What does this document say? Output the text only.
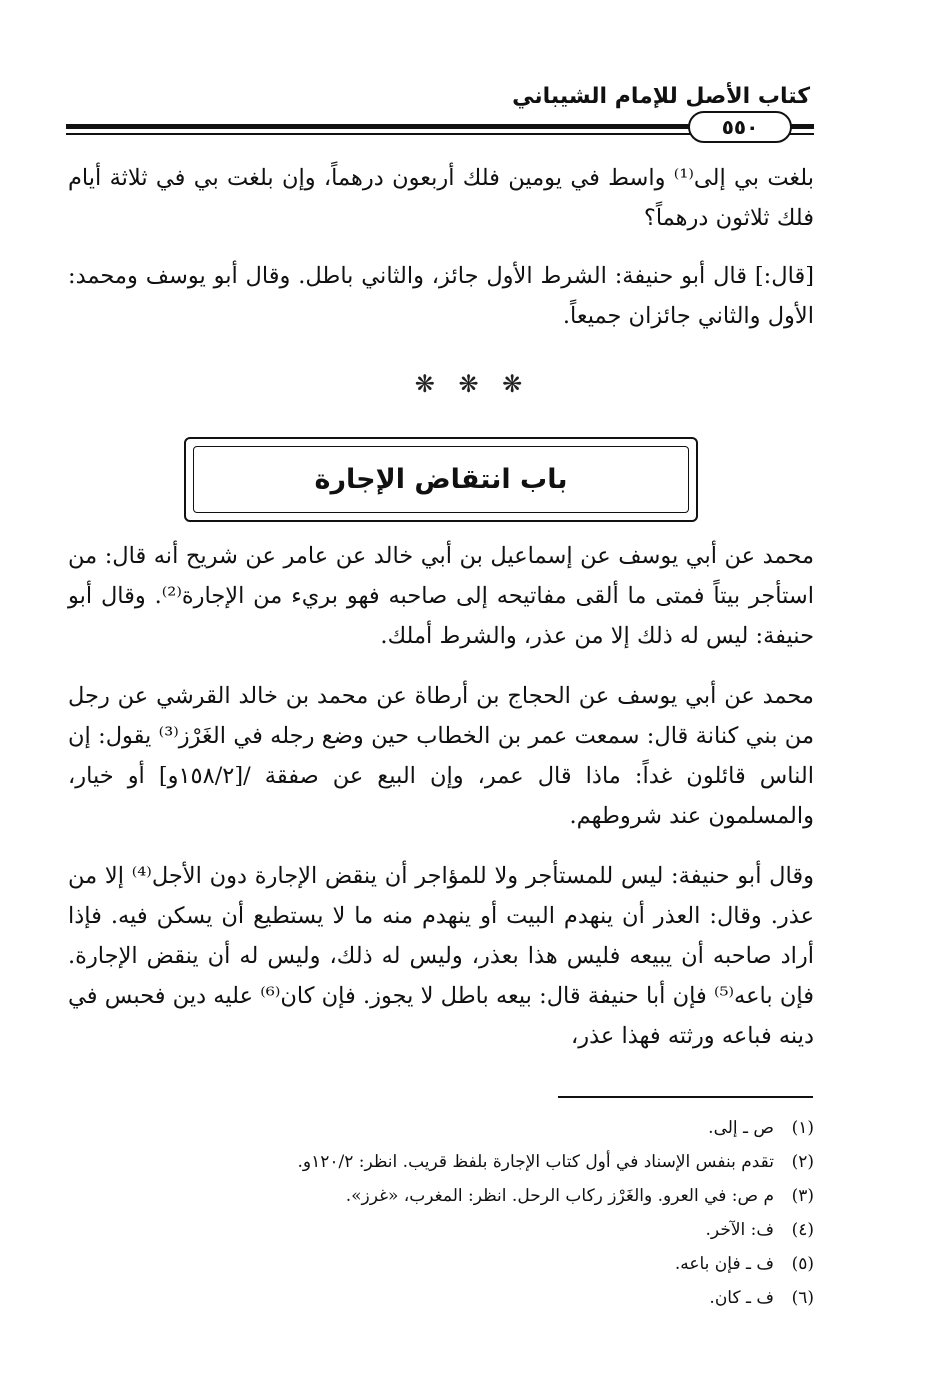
كتاب الأصل للإمام الشيباني
٥٥٠

بلغت بي إلى⁽¹⁾ واسط في يومين فلك أربعون درهماً، وإن بلغت بي في ثلاثة أيام فلك ثلاثون درهماً؟

[قال:] قال أبو حنيفة: الشرط الأول جائز، والثاني باطل. وقال أبو يوسف ومحمد: الأول والثاني جائزان جميعاً.

❋ ❋ ❋
باب انتقاض الإجارة

محمد عن أبي يوسف عن إسماعيل بن أبي خالد عن عامر عن شريح أنه قال: من استأجر بيتاً فمتى ما ألقى مفاتيحه إلى صاحبه فهو بريء من الإجارة⁽²⁾. وقال أبو حنيفة: ليس له ذلك إلا من عذر، والشرط أملك.

محمد عن أبي يوسف عن الحجاج بن أرطاة عن محمد بن خالد القرشي عن رجل من بني كنانة قال: سمعت عمر بن الخطاب حين وضع رجله في الغَرْز⁽³⁾ يقول: إن الناس قائلون غداً: ماذا قال عمر، وإن البيع عن صفقة /[١٥٨/٢و] أو خيار، والمسلمون عند شروطهم.

وقال أبو حنيفة: ليس للمستأجر ولا للمؤاجر أن ينقض الإجارة دون الأجل⁽⁴⁾ إلا من عذر. وقال: العذر أن ينهدم البيت أو ينهدم منه ما لا يستطيع أن يسكن فيه. فإذا أراد صاحبه أن يبيعه فليس هذا بعذر، وليس له ذلك، وليس له أن ينقض الإجارة. فإن باعه⁽⁵⁾ فإن أبا حنيفة قال: بيعه باطل لا يجوز. فإن كان⁽⁶⁾ عليه دين فحبس في دينه فباعه ورثته فهذا عذر،

(١)ص ـ إلى.
(٢)تقدم بنفس الإسناد في أول كتاب الإجارة بلفظ قريب. انظر: ١٢٠/٢و.
(٣)م ص: في العرو. والغَرْز ركاب الرحل. انظر: المغرب، «غرز».
(٤)ف: الآخر.
(٥)ف ـ فإن باعه.
(٦)ف ـ كان.
